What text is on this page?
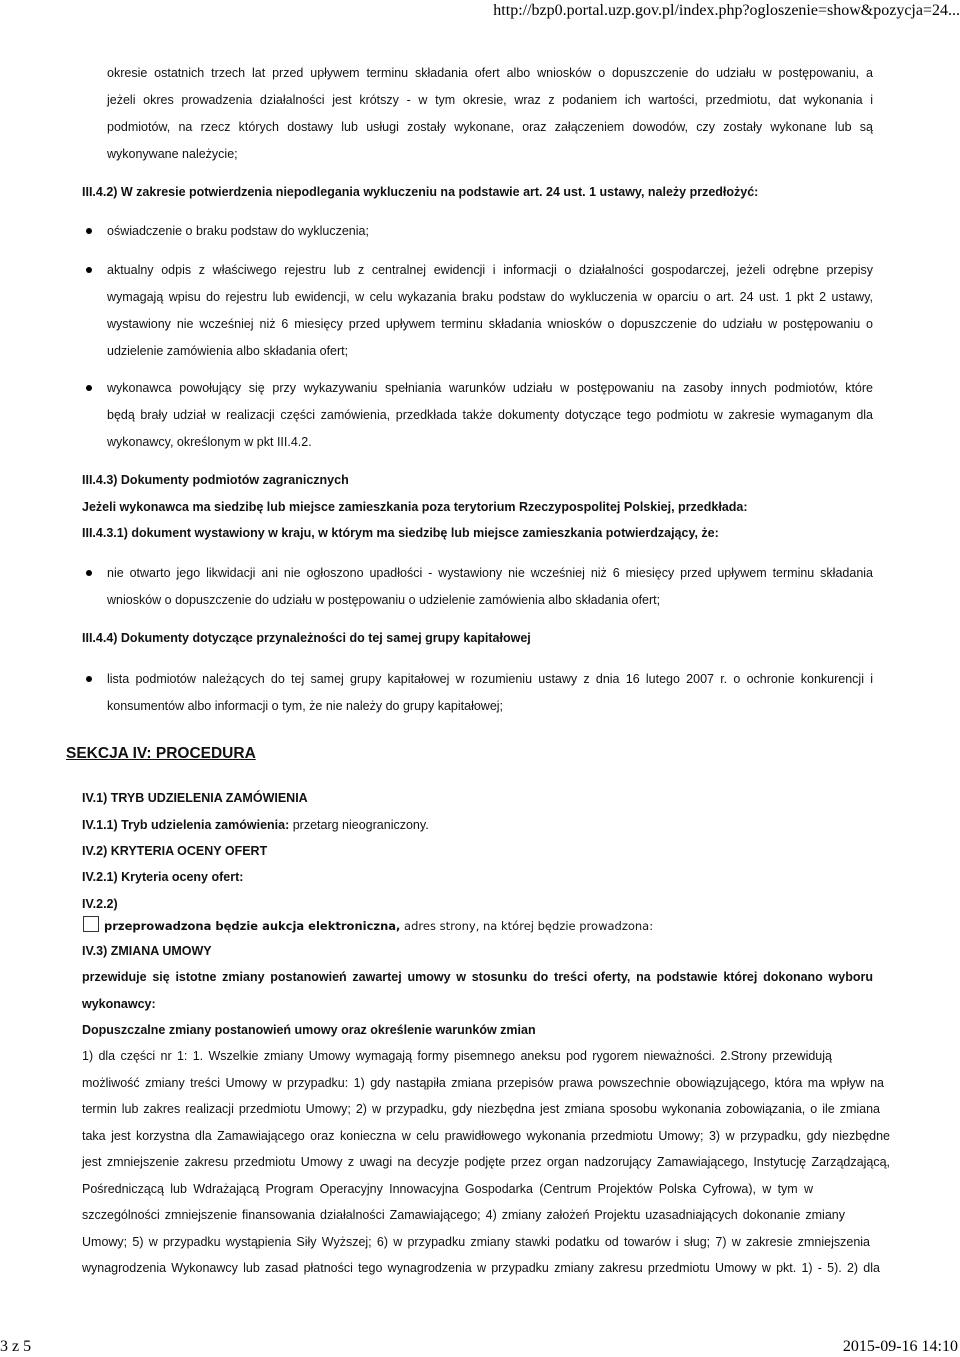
http://bzp0.portal.uzp.gov.pl/index.php?ogloszenie=show&pozycja=24...
okresie ostatnich trzech lat przed upływem terminu składania ofert albo wniosków o dopuszczenie do udziału w postępowaniu, a
jeżeli okres prowadzenia działalności jest krótszy - w tym okresie, wraz z podaniem ich wartości, przedmiotu, dat wykonania i
podmiotów, na rzecz których dostawy lub usługi zostały wykonane, oraz załączeniem dowodów, czy zostały wykonane lub są
wykonywane należycie;
III.4.2) W zakresie potwierdzenia niepodlegania wykluczeniu na podstawie art. 24 ust. 1 ustawy, należy przedłożyć:
oświadczenie o braku podstaw do wykluczenia;
aktualny odpis z właściwego rejestru lub z centralnej ewidencji i informacji o działalności gospodarczej, jeżeli odrębne przepisy
wymagają wpisu do rejestru lub ewidencji, w celu wykazania braku podstaw do wykluczenia w oparciu o art. 24 ust. 1 pkt 2 ustawy,
wystawiony nie wcześniej niż 6 miesięcy przed upływem terminu składania wniosków o dopuszczenie do udziału w postępowaniu o
udzielenie zamówienia albo składania ofert;
wykonawca powołujący się przy wykazywaniu spełniania warunków udziału w postępowaniu na zasoby innych podmiotów, które
będą brały udział w realizacji części zamówienia, przedkłada także dokumenty dotyczące tego podmiotu w zakresie wymaganym dla
wykonawcy, określonym w pkt III.4.2.
III.4.3) Dokumenty podmiotów zagranicznych
Jeżeli wykonawca ma siedzibę lub miejsce zamieszkania poza terytorium Rzeczypospolitej Polskiej, przedkłada:
III.4.3.1) dokument wystawiony w kraju, w którym ma siedzibę lub miejsce zamieszkania potwierdzający, że:
nie otwarto jego likwidacji ani nie ogłoszono upadłości - wystawiony nie wcześniej niż 6 miesięcy przed upływem terminu składania
wniosków o dopuszczenie do udziału w postępowaniu o udzielenie zamówienia albo składania ofert;
III.4.4) Dokumenty dotyczące przynależności do tej samej grupy kapitałowej
lista podmiotów należących do tej samej grupy kapitałowej w rozumieniu ustawy z dnia 16 lutego 2007 r. o ochronie konkurencji i
konsumentów albo informacji o tym, że nie należy do grupy kapitałowej;
SEKCJA IV: PROCEDURA
IV.1) TRYB UDZIELENIA ZAMÓWIENIA
IV.1.1) Tryb udzielenia zamówienia: przetarg nieograniczony.
IV.2) KRYTERIA OCENY OFERT
IV.2.1) Kryteria oceny ofert:
IV.2.2)
przeprowadzona będzie aukcja elektroniczna, adres strony, na której będzie prowadzona:
IV.3) ZMIANA UMOWY
przewiduje się istotne zmiany postanowień zawartej umowy w stosunku do treści oferty, na podstawie której dokonano wyboru
wykonawcy:
Dopuszczalne zmiany postanowień umowy oraz określenie warunków zmian
1) dla części nr 1: 1. Wszelkie zmiany Umowy wymagają formy pisemnego aneksu pod rygorem nieważności. 2.Strony przewidują
możliwość zmiany treści Umowy w przypadku: 1) gdy nastąpiła zmiana przepisów prawa powszechnie obowiązującego, która ma wpływ na
termin lub zakres realizacji przedmiotu Umowy; 2) w przypadku, gdy niezbędna jest zmiana sposobu wykonania zobowiązania, o ile zmiana
taka jest korzystna dla Zamawiającego oraz konieczna w celu prawidłowego wykonania przedmiotu Umowy; 3) w przypadku, gdy niezbędne
jest zmniejszenie zakresu przedmiotu Umowy z uwagi na decyzje podjęte przez organ nadzorujący Zamawiającego, Instytucję Zarządzającą,
Pośredniczącą lub Wdrażającą Program Operacyjny Innowacyjna Gospodarka (Centrum Projektów Polska Cyfrowa), w tym w
szczególności zmniejszenie finansowania działalności Zamawiającego; 4) zmiany założeń Projektu uzasadniających dokonanie zmiany
Umowy; 5) w przypadku wystąpienia Siły Wyższej; 6) w przypadku zmiany stawki podatku od towarów i sług; 7) w zakresie zmniejszenia
wynagrodzenia Wykonawcy lub zasad płatności tego wynagrodzenia w przypadku zmiany zakresu przedmiotu Umowy w pkt. 1) - 5). 2) dla
3 z 5	2015-09-16 14:10
